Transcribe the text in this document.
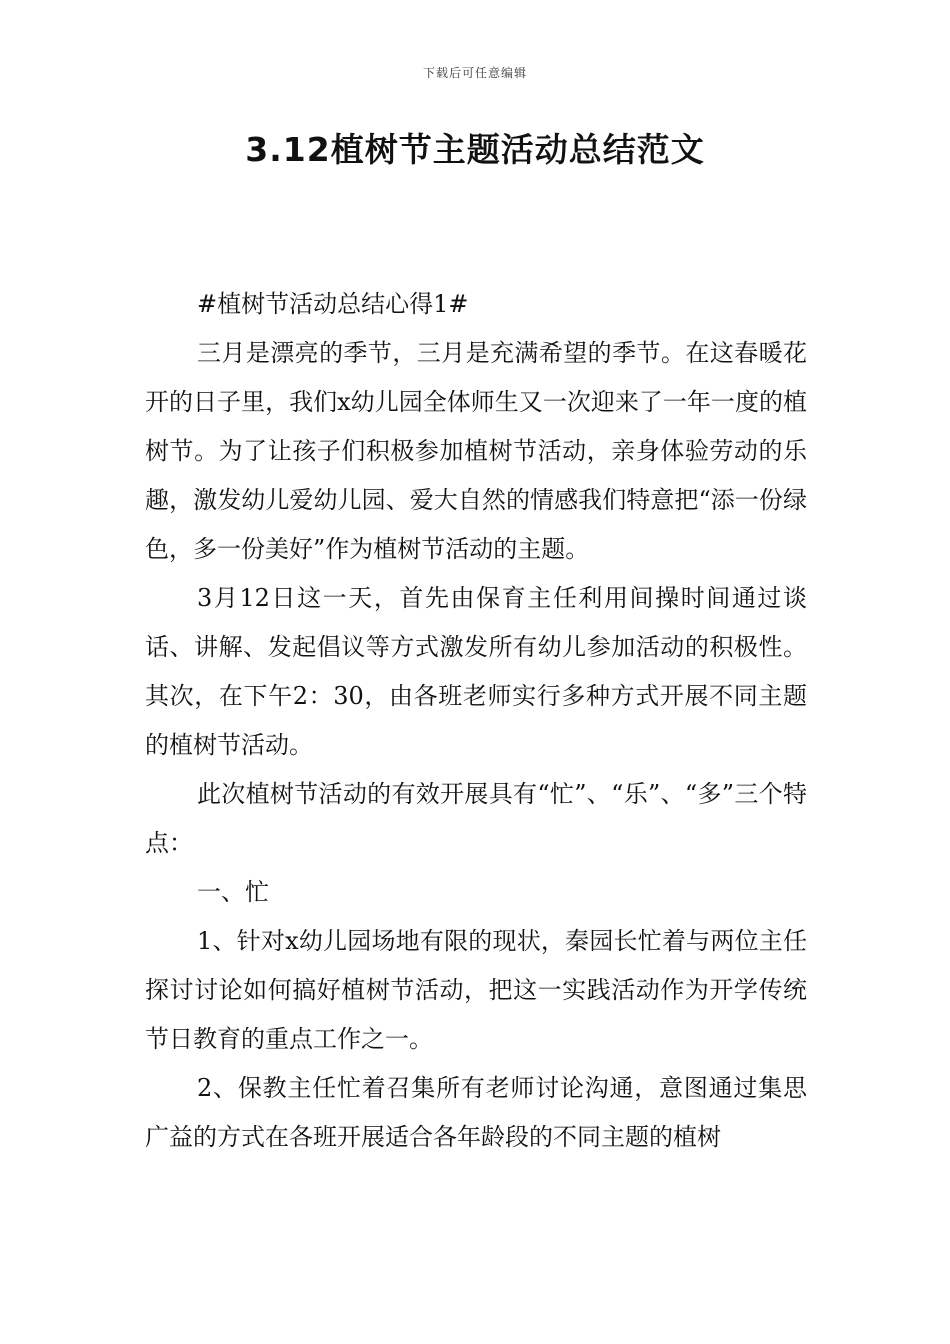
下载后可任意编辑
3.12植树节主题活动总结范文

#植树节活动总结心得1#

三月是漂亮的季节，三月是充满希望的季节。在这春暖花开的日子里，我们x幼儿园全体师生又一次迎来了一年一度的植树节。为了让孩子们积极参加植树节活动，亲身体验劳动的乐趣，激发幼儿爱幼儿园、爱大自然的情感我们特意把“添一份绿色，多一份美好”作为植树节活动的主题。

3月12日这一天，首先由保育主任利用间操时间通过谈话、讲解、发起倡议等方式激发所有幼儿参加活动的积极性。其次，在下午2：30，由各班老师实行多种方式开展不同主题的植树节活动。

此次植树节活动的有效开展具有“忙”、“乐”、“多”三个特点：

一、忙

1、针对x幼儿园场地有限的现状，秦园长忙着与两位主任探讨讨论如何搞好植树节活动，把这一实践活动作为开学传统节日教育的重点工作之一。

2、保教主任忙着召集所有老师讨论沟通，意图通过集思广益的方式在各班开展适合各年龄段的不同主题的植树
